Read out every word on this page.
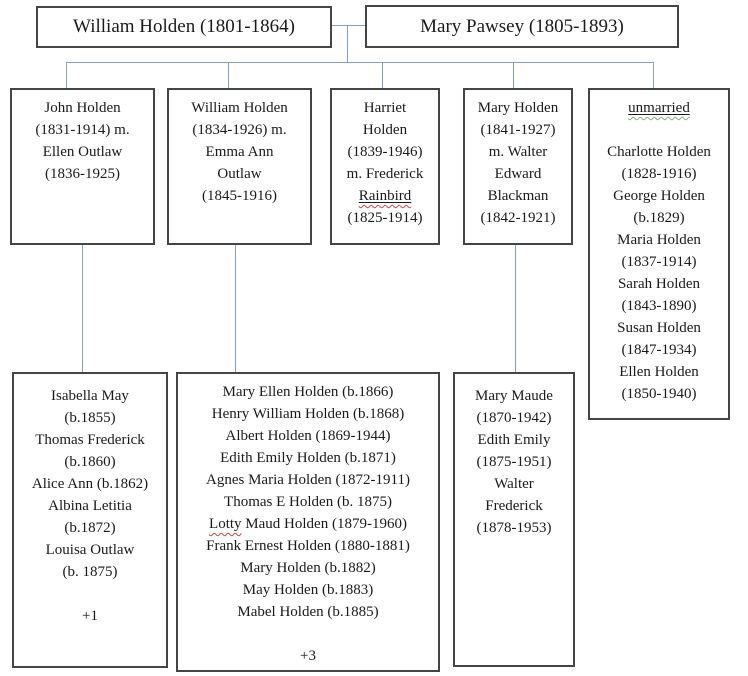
William Holden (1801-1864)	Mary Pawsey (1805-1893)
John Holden
(1831-1914) m.
Ellen Outlaw
(1836-1925)
William Holden
(1834-1926) m.
Emma Ann
Outlaw
(1845-1916)
Harriet
Holden
(1839-1946)
m. Frederick
Rainbird
(1825-1914)
Mary Holden
(1841-1927)
m. Walter
Edward
Blackman
(1842-1921)
unmarried

Charlotte Holden
(1828-1916)
George Holden
(b.1829)
Maria Holden
(1837-1914)
Sarah Holden
(1843-1890)
Susan Holden
(1847-1934)
Ellen Holden
(1850-1940)
Isabella May
(b.1855)
Thomas Frederick
(b.1860)
Alice Ann (b.1862)
Albina Letitia
(b.1872)
Louisa Outlaw
(b. 1875)

+1
Mary Ellen Holden (b.1866)
Henry William Holden (b.1868)
Albert Holden (1869-1944)
Edith Emily Holden (b.1871)
Agnes Maria Holden (1872-1911)
Thomas E Holden (b. 1875)
Lotty Maud Holden (1879-1960)
Frank Ernest Holden (1880-1881)
Mary Holden (b.1882)
May Holden (b.1883)
Mabel Holden (b.1885)

+3
Mary Maude
(1870-1942)
Edith Emily
(1875-1951)
Walter
Frederick
(1878-1953)
